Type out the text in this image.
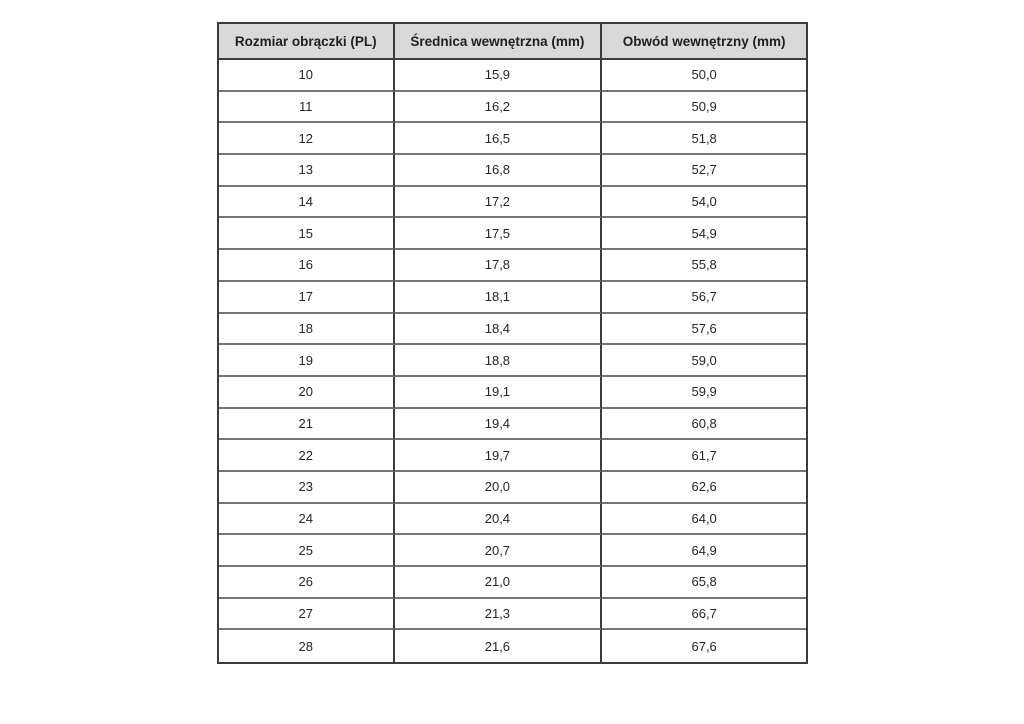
Rozmiar obrączki (PL)	Średnica wewnętrzna (mm)	Obwód wewnętrzny (mm)
10	15,9	50,0
11	16,2	50,9
12	16,5	51,8
13	16,8	52,7
14	17,2	54,0
15	17,5	54,9
16	17,8	55,8
17	18,1	56,7
18	18,4	57,6
19	18,8	59,0
20	19,1	59,9
21	19,4	60,8
22	19,7	61,7
23	20,0	62,6
24	20,4	64,0
25	20,7	64,9
26	21,0	65,8
27	21,3	66,7
28	21,6	67,6
